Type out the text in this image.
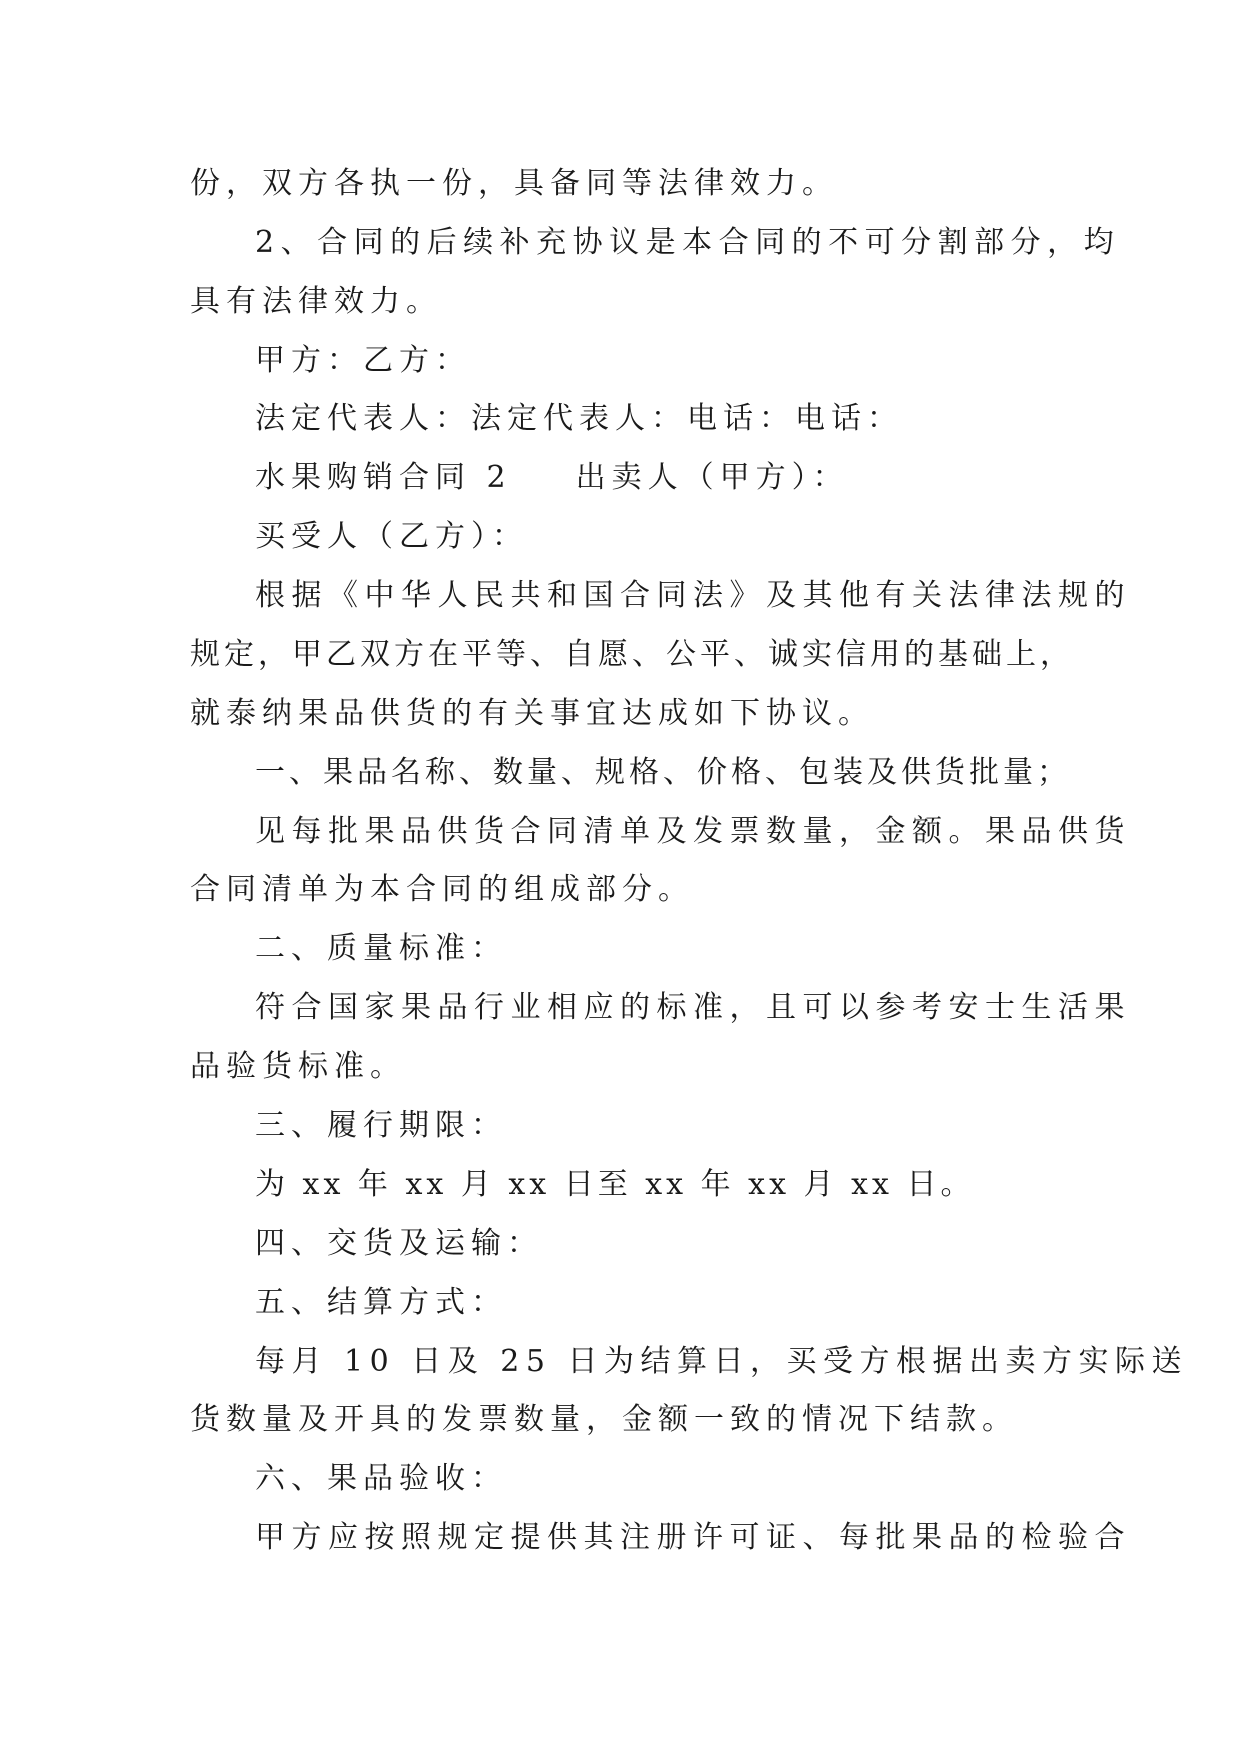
份，双方各执一份，具备同等法律效力。
2、合同的后续补充协议是本合同的不可分割部分，均
具有法律效力。
甲方：乙方：
法定代表人：法定代表人：电话：电话：
水果购销合同 2 出卖人（甲方）：
买受人（乙方）：
根据《中华人民共和国合同法》及其他有关法律法规的
规定，甲乙双方在平等、自愿、公平、诚实信用的基础上，
就泰纳果品供货的有关事宜达成如下协议。
一、果品名称、数量、规格、价格、包装及供货批量；
见每批果品供货合同清单及发票数量，金额。果品供货
合同清单为本合同的组成部分。
二、质量标准：
符合国家果品行业相应的标准，且可以参考安士生活果
品验货标准。
三、履行期限：
为 xx 年 xx 月 xx 日至 xx 年 xx 月 xx 日。
四、交货及运输：
五、结算方式：
每月 10 日及 25 日为结算日，买受方根据出卖方实际送
货数量及开具的发票数量，金额一致的情况下结款。
六、果品验收：
甲方应按照规定提供其注册许可证、每批果品的检验合
